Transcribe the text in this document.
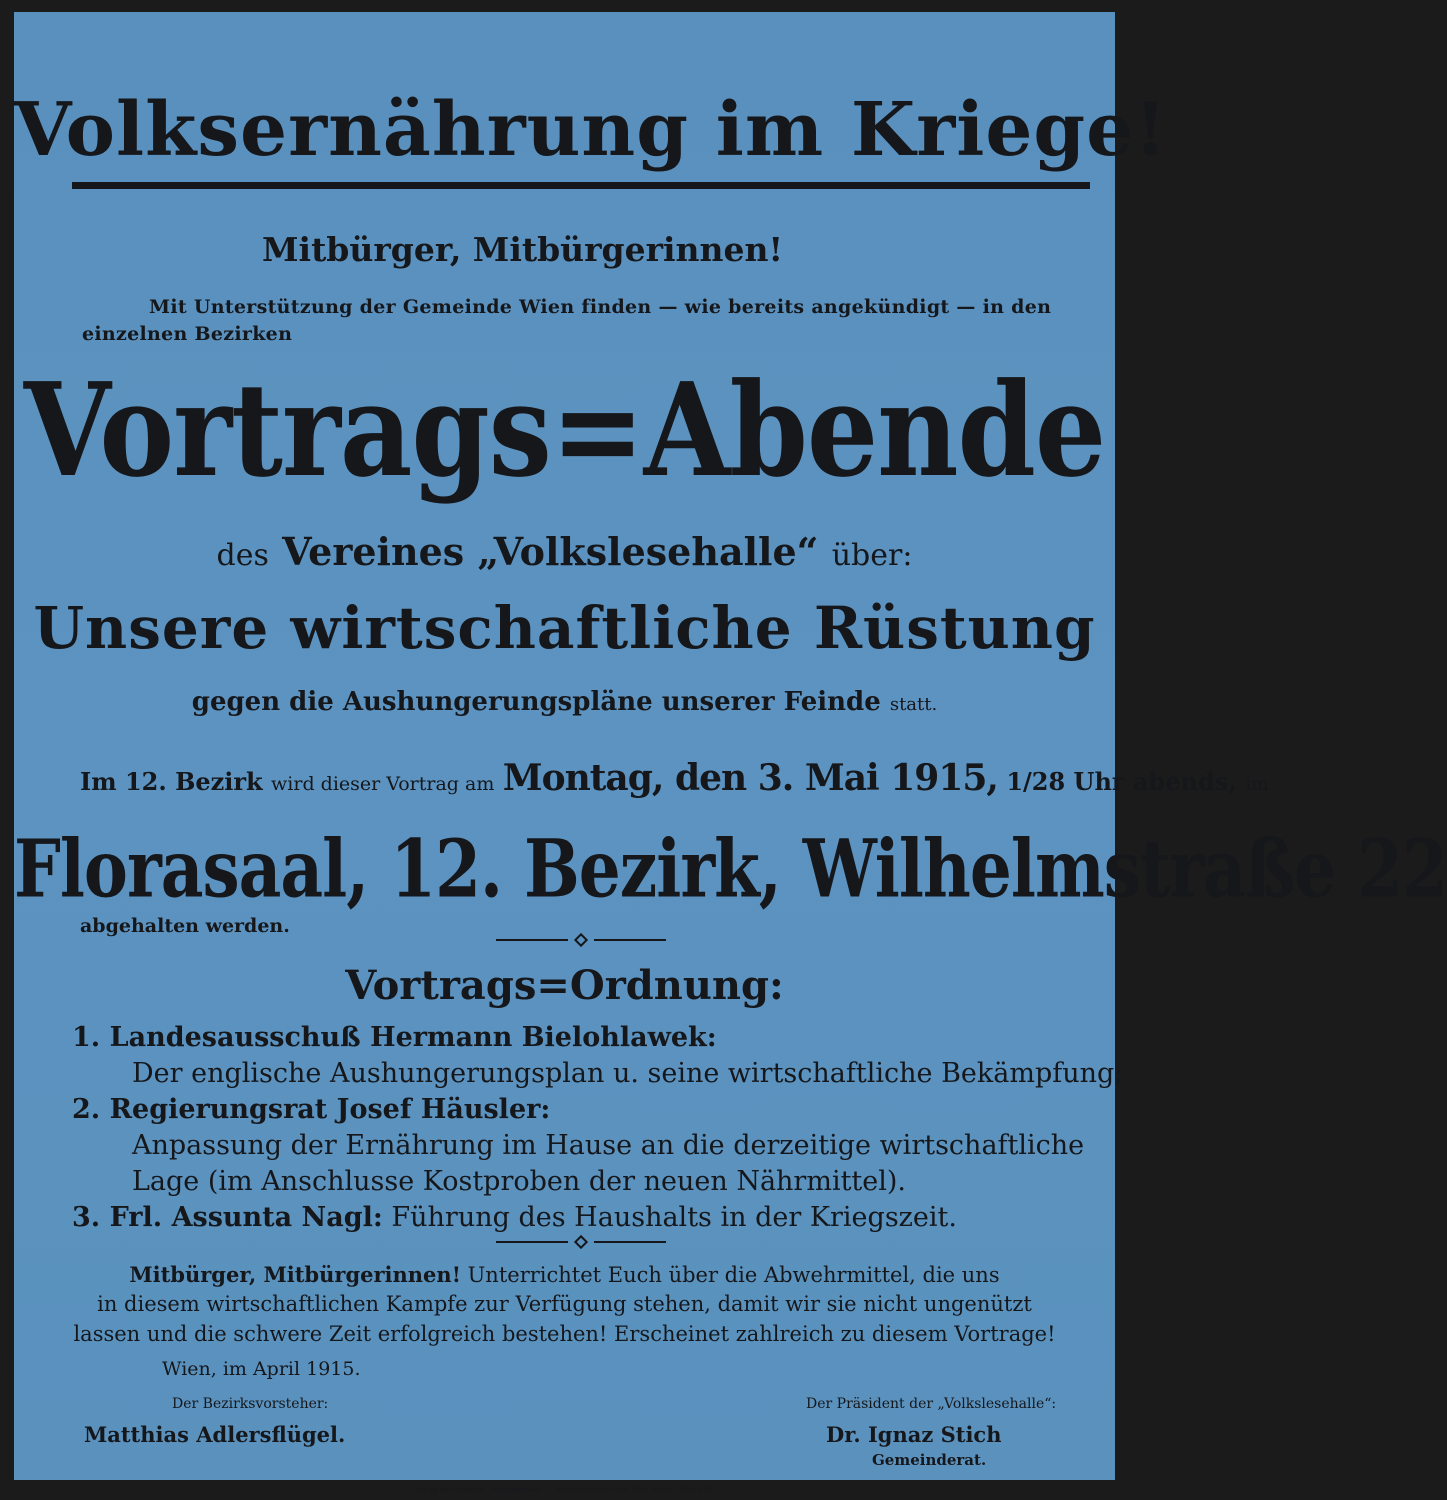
Volksernährung im Kriege!
Mitbürger, Mitbürgerinnen!
Mit Unterstützung der Gemeinde Wien finden — wie bereits angekündigt — in den
einzelnen Bezirken
Vortrags=Abende
des Vereines „Volkslesehalle“ über:
Unsere wirtschaftliche Rüstung
gegen die Aushungerungspläne unserer Feinde statt.
Im 12. Bezirk wird dieser Vortrag am Montag, den 3. Mai 1915, 1/28 Uhr abends, im
Florasaal, 12. Bezirk, Wilhelmstraße 22
abgehalten werden.
Vortrags=Ordnung:
1. Landesausschuß Hermann Bielohlawek:
Der englische Aushungerungsplan u. seine wirtschaftliche Bekämpfung;
2. Regierungsrat Josef Häusler:
Anpassung der Ernährung im Hause an die derzeitige wirtschaftliche
Lage (im Anschlusse Kostproben der neuen Nährmittel).
3. Frl. Assunta Nagl: Führung des Haushalts in der Kriegszeit.
Mitbürger, Mitbürgerinnen! Unterrichtet Euch über die Abwehrmittel, die uns
in diesem wirtschaftlichen Kampfe zur Verfügung stehen, damit wir sie nicht ungenützt
lassen und die schwere Zeit erfolgreich bestehen! Erscheinet zahlreich zu diesem Vortrage!
Wien, im April 1915.
Der Bezirksvorsteher:	Der Präsident der „Volkslesehalle“:
Matthias Adlersflügel.	Dr. Ignaz Stich
Gemeinderat.
Verlag des Vereines „Volkslesehalle“ — Buchdruckerei Amlé, Otto Nachf., Wien VIII.
